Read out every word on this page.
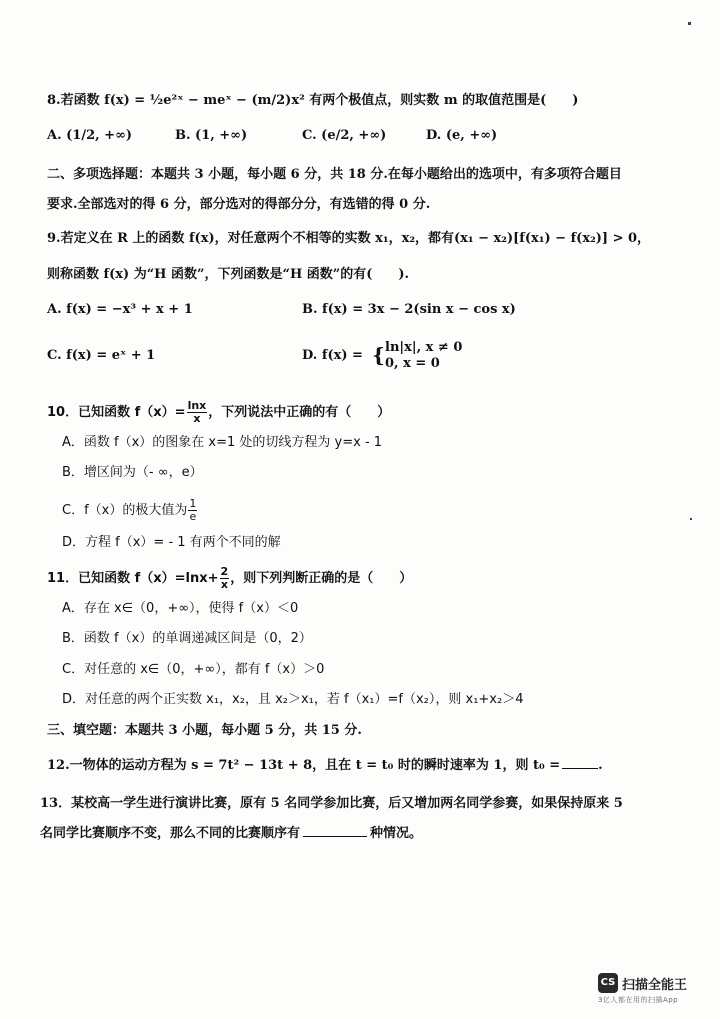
8.若函数 f(x) = ½e²ˣ − meˣ − (m/2)x² 有两个极值点，则实数 m 的取值范围是(　　)
A. (1/2, +∞)	B. (1, +∞)	C. (e/2, +∞)	D. (e, +∞)
二、多项选择题：本题共 3 小题，每小题 6 分，共 18 分.在每小题给出的选项中，有多项符合题目
要求.全部选对的得 6 分，部分选对的得部分分，有选错的得 0 分.
9.若定义在 R 上的函数 f(x)，对任意两个不相等的实数 x₁，x₂，都有(x₁ − x₂)[f(x₁) − f(x₂)] > 0，
则称函数 f(x) 为“H 函数”，下列函数是“H 函数”的有(　　).
A. f(x) = −x³ + x + 1	B. f(x) = 3x − 2(sin x − cos x)
C. f(x) = eˣ + 1	D. f(x) = { ln|x|, x ≠ 0
0, x = 0
10．已知函数 $f(x)= \frac{\ln x}{x}$ ，下列说法中正确的有（　　）
A．函数 f（x）的图象在 x=1 处的切线方程为 y=x - 1
B．增区间为（- ∞，e）
C．f（x）的极大值为 $\frac{1}{e}$
D．方程 f（x）= - 1 有两个不同的解
11．已知函数 $f(x)=\ln x+ \frac{2}{x}$ ，则下列判断正确的是（　　）
A．存在 x∈（0，+∞），使得 f（x）＜0
B．函数 f（x）的单调递减区间是（0，2）
C．对任意的 x∈（0，+∞），都有 f（x）＞0
D．对任意的两个正实数 x₁，x₂，且 x₂＞x₁，若 f（x₁）=f（x₂），则 x₁+x₂＞4
三、填空题：本题共 3 小题，每小题 5 分，共 15 分.
12.一物体的运动方程为 s = 7t² − 13t + 8，且在 t = t₀ 时的瞬时速率为 1，则 t₀ =	.
13．某校高一学生进行演讲比赛，原有 5 名同学参加比赛，后又增加两名同学参赛，如果保持原来 5
名同学比赛顺序不变，那么不同的比赛顺序有	种情况。
CS 扫描全能王
3亿人都在用的扫描App
